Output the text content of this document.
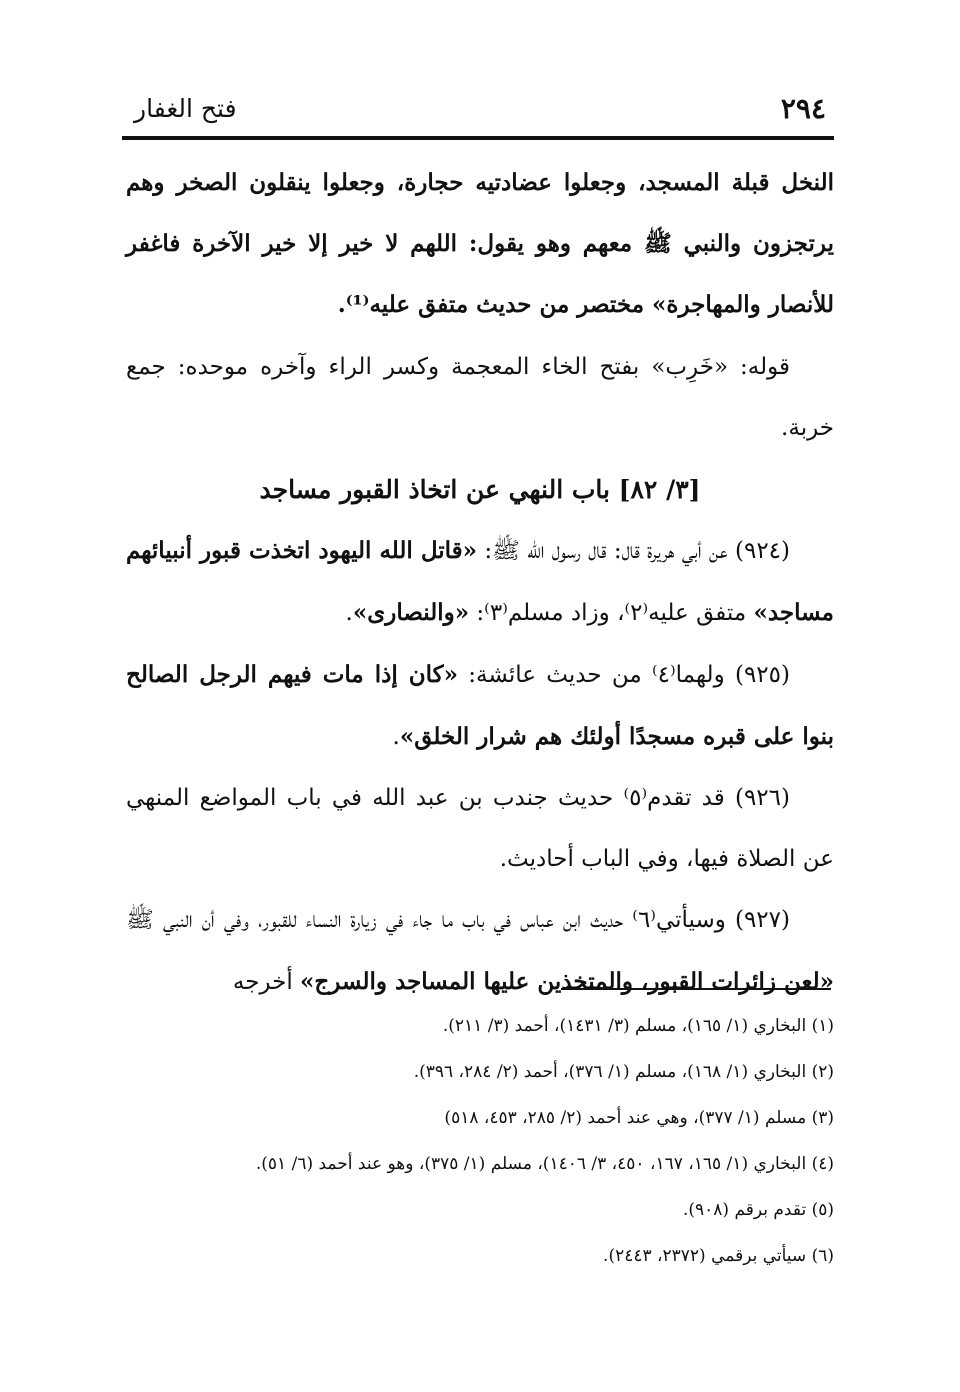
٢٩٤
فتح الغفار

النخل قبلة المسجد، وجعلوا عضادتيه حجارة، وجعلوا ينقلون الصخر وهم يرتجزون والنبي ﷺ معهم وهو يقول: اللهم لا خير إلا خير الآخرة فاغفر للأنصار والمهاجرة» مختصر من حديث متفق عليه⁽¹⁾.

قوله: «خَرِب» بفتح الخاء المعجمة وكسر الراء وآخره موحده: جمع خربة.

[٣/ ٨٢] باب النهي عن اتخاذ القبور مساجد

(٩٢٤) عن أبي هريرة قال: قال رسول الله ﷺ: «قاتل الله اليهود اتخذت قبور أنبيائهم مساجد» متفق عليه⁽٢⁾، وزاد مسلم⁽٣⁾: «والنصارى».

(٩٢٥) ولهما⁽٤⁾ من حديث عائشة: «كان إذا مات فيهم الرجل الصالح بنوا على قبره مسجدًا أولئك هم شرار الخلق».

(٩٢٦) قد تقدم⁽٥⁾ حديث جندب بن عبد الله في باب المواضع المنهي عن الصلاة فيها، وفي الباب أحاديث.

(٩٢٧) وسيأتي⁽٦⁾ حديث ابن عباس في باب ما جاء في زيارة النساء للقبور، وفي أن النبي ﷺ «لعن زائرات القبور، والمتخذين عليها المساجد والسرج» أخرجه

(١) البخاري (١/ ١٦٥)، مسلم (٣/ ١٤٣١)، أحمد (٣/ ٢١١).
(٢) البخاري (١/ ١٦٨)، مسلم (١/ ٣٧٦)، أحمد (٢/ ٢٨٤، ٣٩٦).
(٣) مسلم (١/ ٣٧٧)، وهي عند أحمد (٢/ ٢٨٥، ٤٥٣، ٥١٨)
(٤) البخاري (١/ ١٦٥، ١٦٧، ٤٥٠، ٣/ ١٤٠٦)، مسلم (١/ ٣٧٥)، وهو عند أحمد (٦/ ٥١).
(٥) تقدم برقم (٩٠٨).
(٦) سيأتي برقمي (٢٣٧٢، ٢٤٤٣).
